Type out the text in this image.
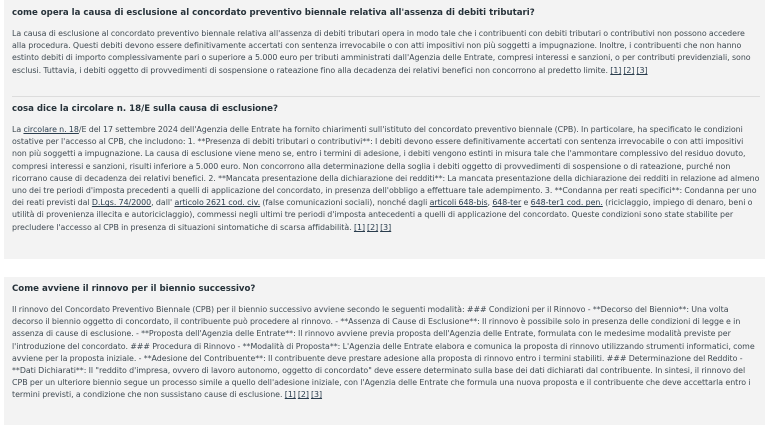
come opera la causa di esclusione al concordato preventivo biennale relativa all'assenza di debiti tributari?

La causa di esclusione al concordato preventivo biennale relativa all'assenza di debiti tributari opera in modo tale che i contribuenti con debiti tributari o contributivi non possono accedere alla procedura. Questi debiti devono essere definitivamente accertati con sentenza irrevocabile o con atti impositivi non più soggetti a impugnazione. Inoltre, i contribuenti che non hanno estinto debiti di importo complessivamente pari o superiore a 5.000 euro per tributi amministrati dall'Agenzia delle Entrate, compresi interessi e sanzioni, o per contributi previdenziali, sono esclusi. Tuttavia, i debiti oggetto di provvedimenti di sospensione o rateazione fino alla decadenza dei relativi benefici non concorrono al predetto limite. [1] [2] [3]

cosa dice la circolare n. 18/E sulla causa di esclusione?

La circolare n. 18/E del 17 settembre 2024 dell'Agenzia delle Entrate ha fornito chiarimenti sull'istituto del concordato preventivo biennale (CPB). In particolare, ha specificato le condizioni ostative per l'accesso al CPB, che includono: 1. **Presenza di debiti tributari o contributivi**: I debiti devono essere definitivamente accertati con sentenza irrevocabile o con atti impositivi non più soggetti a impugnazione. La causa di esclusione viene meno se, entro i termini di adesione, i debiti vengono estinti in misura tale che l'ammontare complessivo del residuo dovuto, compresi interessi e sanzioni, risulti inferiore a 5.000 euro. Non concorrono alla determinazione della soglia i debiti oggetto di provvedimenti di sospensione o di rateazione, purché non ricorrano cause di decadenza dei relativi benefici. 2. **Mancata presentazione della dichiarazione dei redditi**: La mancata presentazione della dichiarazione dei redditi in relazione ad almeno uno dei tre periodi d'imposta precedenti a quelli di applicazione del concordato, in presenza dell'obbligo a effettuare tale adempimento. 3. **Condanna per reati specifici**: Condanna per uno dei reati previsti dal D.Lgs. 74/2000, dall' articolo 2621 cod. civ. (false comunicazioni sociali), nonché dagli articoli 648-bis, 648-ter e 648-ter1 cod. pen. (riciclaggio, impiego di denaro, beni o utilità di provenienza illecita e autoriciclaggio), commessi negli ultimi tre periodi d'imposta antecedenti a quelli di applicazione del concordato. Queste condizioni sono state stabilite per precludere l'accesso al CPB in presenza di situazioni sintomatiche di scarsa affidabilità. [1] [2] [3]

Come avviene il rinnovo per il biennio successivo?

Il rinnovo del Concordato Preventivo Biennale (CPB) per il biennio successivo avviene secondo le seguenti modalità: ### Condizioni per il Rinnovo - **Decorso del Biennio**: Una volta decorso il biennio oggetto di concordato, il contribuente può procedere al rinnovo. - **Assenza di Cause di Esclusione**: Il rinnovo è possibile solo in presenza delle condizioni di legge e in assenza di cause di esclusione. - **Proposta dell'Agenzia delle Entrate**: Il rinnovo avviene previa proposta dell'Agenzia delle Entrate, formulata con le medesime modalità previste per l'introduzione del concordato. ### Procedura di Rinnovo - **Modalità di Proposta**: L'Agenzia delle Entrate elabora e comunica la proposta di rinnovo utilizzando strumenti informatici, come avviene per la proposta iniziale. - **Adesione del Contribuente**: Il contribuente deve prestare adesione alla proposta di rinnovo entro i termini stabiliti. ### Determinazione del Reddito - **Dati Dichiarati**: Il "reddito d'impresa, ovvero di lavoro autonomo, oggetto di concordato" deve essere determinato sulla base dei dati dichiarati dal contribuente. In sintesi, il rinnovo del CPB per un ulteriore biennio segue un processo simile a quello dell'adesione iniziale, con l'Agenzia delle Entrate che formula una nuova proposta e il contribuente che deve accettarla entro i termini previsti, a condizione che non sussistano cause di esclusione. [1] [2] [3]
